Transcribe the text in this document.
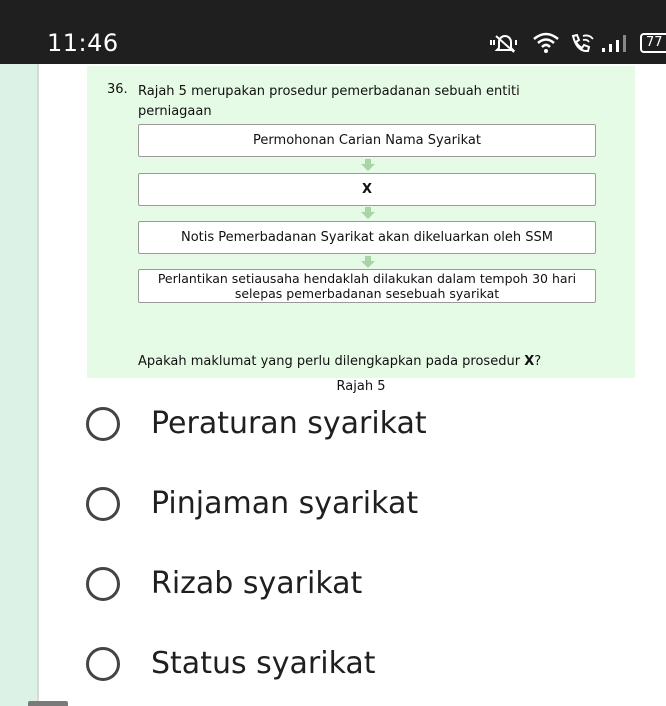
11:46	77
Rajah 5
36. Rajah 5 merupakan prosedur pemerbadanan sebuah entiti perniagaan
Permohonan Carian Nama Syarikat
X
Notis Pemerbadanan Syarikat akan dikeluarkan oleh SSM
Perlantikan setiausaha hendaklah dilakukan dalam tempoh 30 hari selepas pemerbadanan sesebuah syarikat
Apakah maklumat yang perlu dilengkapkan pada prosedur X?
Peraturan syarikat
Pinjaman syarikat
Rizab syarikat
Status syarikat
